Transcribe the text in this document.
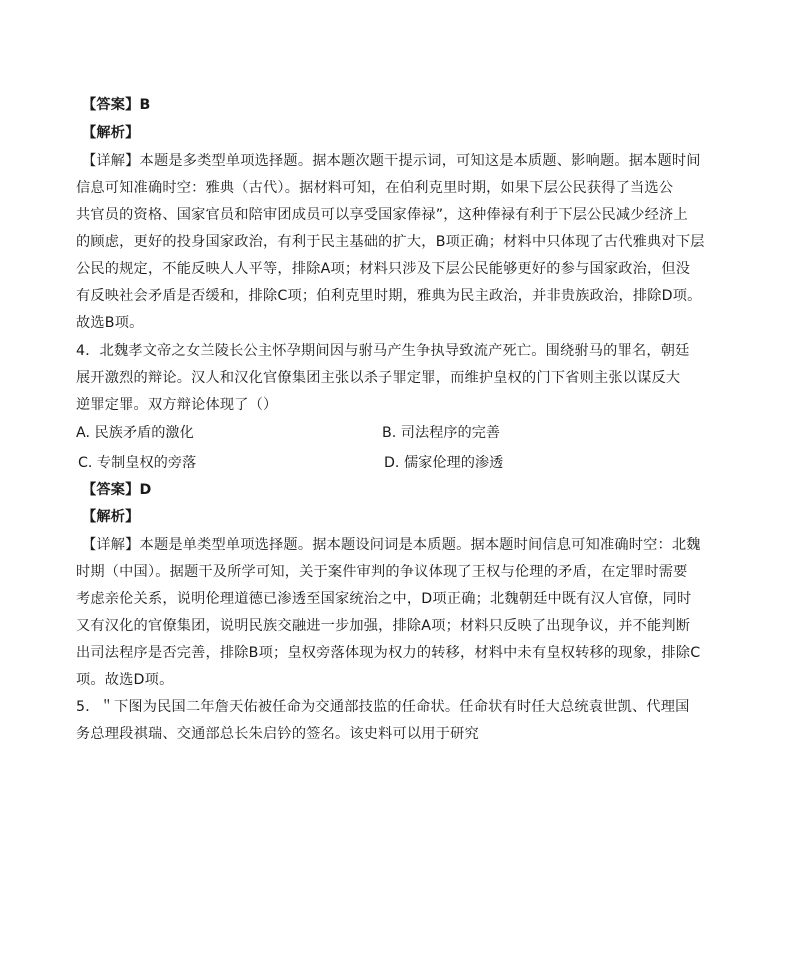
【答案】B
【解析】
【详解】本题是多类型单项选择题。据本题次题干提示词，可知这是本质题、影响题。据本题时间
信息可知准确时空：雅典（古代）。据材料可知，在伯利克里时期，如果下层公民获得了当选公
共官员的资格、国家官员和陪审团成员可以享受国家俸禄”，这种俸禄有利于下层公民减少经济上
的顾虑，更好的投身国家政治，有利于民主基础的扩大，B项正确；材料中只体现了古代雅典对下层
公民的规定，不能反映人人平等，排除A项；材料只涉及下层公民能够更好的参与国家政治，但没
有反映社会矛盾是否缓和，排除C项；伯利克里时期，雅典为民主政治，并非贵族政治，排除D项。
故选B项。
4．北魏孝文帝之女兰陵长公主怀孕期间因与驸马产生争执导致流产死亡。围绕驸马的罪名，朝廷
展开激烈的辩论。汉人和汉化官僚集团主张以杀子罪定罪，而维护皇权的门下省则主张以谋反大
逆罪定罪。双方辩论体现了（）
A. 民族矛盾的激化	B. 司法程序的完善
C. 专制皇权的旁落	D. 儒家伦理的渗透
【答案】D
【解析】
【详解】本题是单类型单项选择题。据本题设问词是本质题。据本题时间信息可知准确时空：北魏
时期（中国）。据题干及所学可知，关于案件审判的争议体现了王权与伦理的矛盾，在定罪时需要
考虑亲伦关系，说明伦理道德已渗透至国家统治之中，D项正确；北魏朝廷中既有汉人官僚，同时
又有汉化的官僚集团，说明民族交融进一步加强，排除A项；材料只反映了出现争议，并不能判断
出司法程序是否完善，排除B项；皇权旁落体现为权力的转移，材料中未有皇权转移的现象，排除C
项。故选D项。
5．＂下图为民国二年詹天佑被任命为交通部技监的任命状。任命状有时任大总统袁世凯、代理国
务总理段祺瑞、交通部总长朱启钤的签名。该史料可以用于研究
